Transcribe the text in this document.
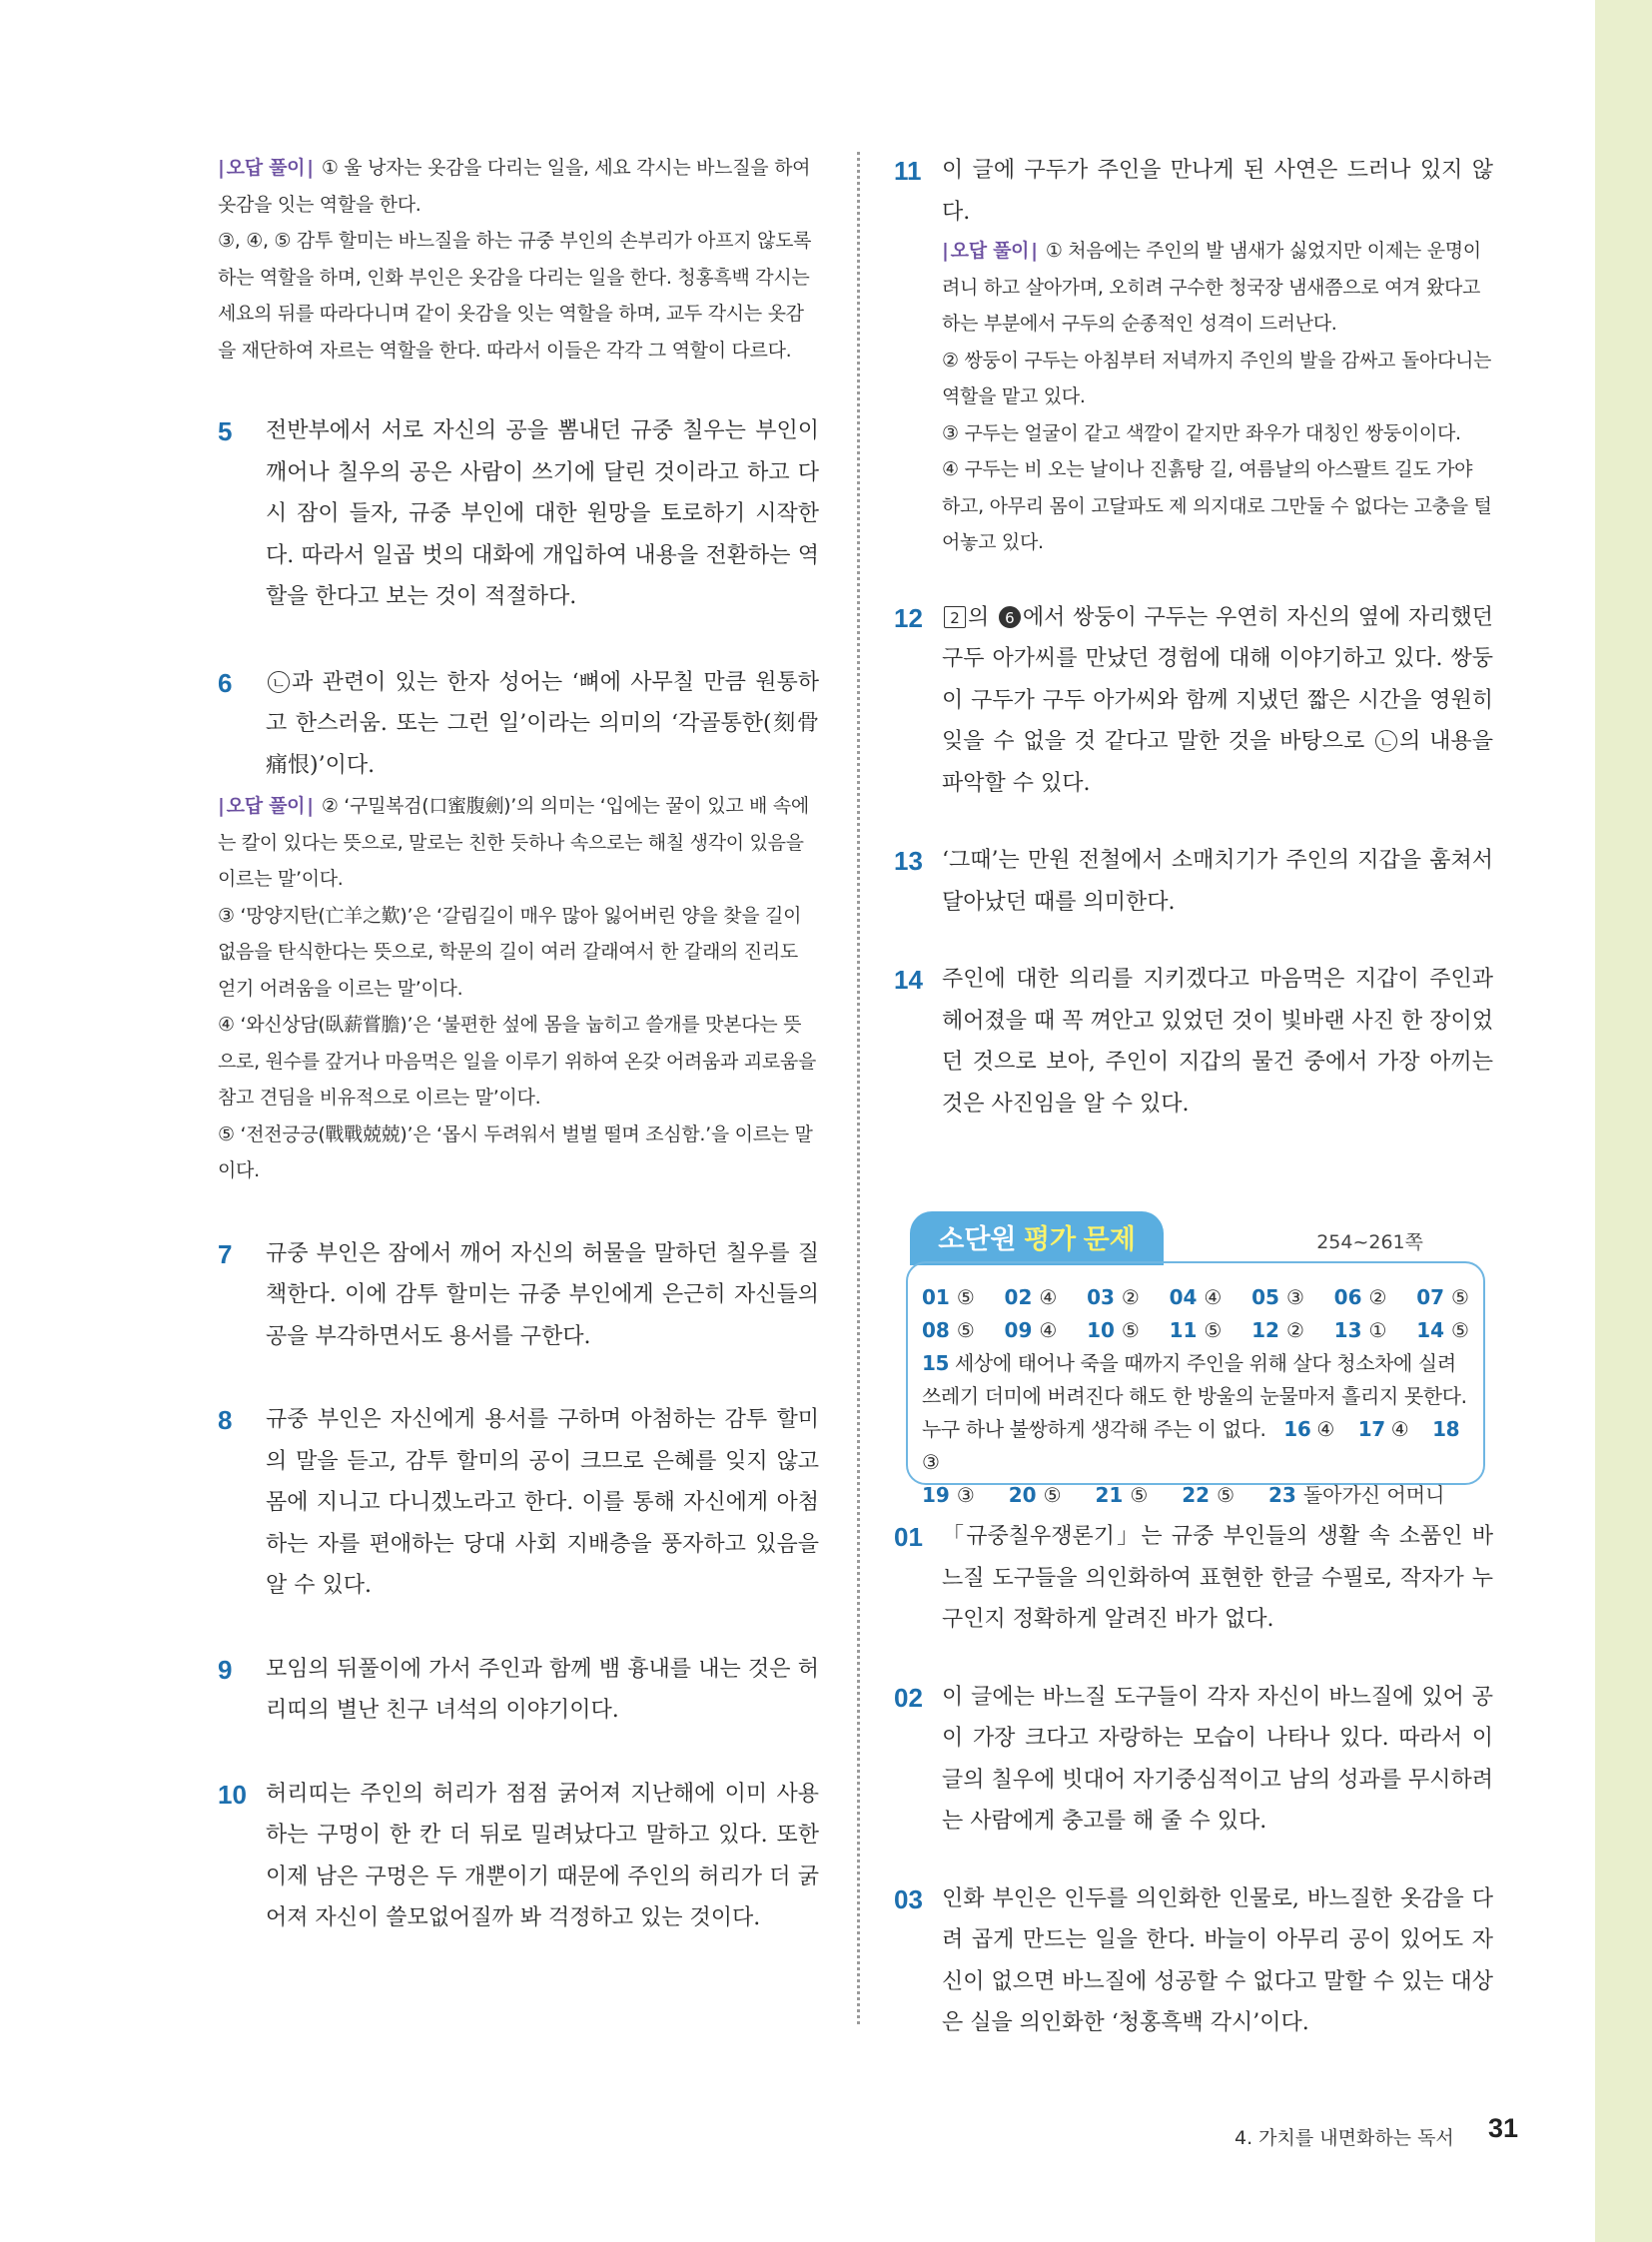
| 오답 풀이 | ① 울 낭자는 옷감을 다리는 일을, 세요 각시는 바느질을 하여 옷감을 잇는 역할을 한다.
③, ④, ⑤ 감투 할미는 바느질을 하는 규중 부인의 손부리가 아프지 않도록 하는 역할을 하며, 인화 부인은 옷감을 다리는 일을 한다. 청홍흑백 각시는 세요의 뒤를 따라다니며 같이 옷감을 잇는 역할을 하며, 교두 각시는 옷감을 재단하여 자르는 역할을 한다. 따라서 이들은 각각 그 역할이 다르다.
5 전반부에서 서로 자신의 공을 뽐내던 규중 칠우는 부인이 깨어나 칠우의 공은 사람이 쓰기에 달린 것이라고 하고 다시 잠이 들자, 규중 부인에 대한 원망을 토로하기 시작한다. 따라서 일곱 벗의 대화에 개입하여 내용을 전환하는 역할을 한다고 보는 것이 적절하다.
6	ㄴ 과 관련이 있는 한자 성어는 ‘뼈에 사무칠 만큼 원통하고 한스러움. 또는 그런 일’이라는 의미의 ‘각골통한(刻骨痛恨)’이다.
| 오답 풀이 | ② ‘구밀복검(口蜜腹劍)’의 의미는 ‘입에는 꿀이 있고 배 속에는 칼이 있다는 뜻으로, 말로는 친한 듯하나 속으로는 해칠 생각이 있음을 이르는 말’이다.
③ ‘망양지탄(亡羊之歎)’은 ‘갈림길이 매우 많아 잃어버린 양을 찾을 길이 없음을 탄식한다는 뜻으로, 학문의 길이 여러 갈래여서 한 갈래의 진리도 얻기 어려움을 이르는 말’이다.
④ ‘와신상담(臥薪嘗膽)’은 ‘불편한 섶에 몸을 눕히고 쓸개를 맛본다는 뜻으로, 원수를 갚거나 마음먹은 일을 이루기 위하여 온갖 어려움과 괴로움을 참고 견딤을 비유적으로 이르는 말’이다.
⑤ ‘전전긍긍(戰戰兢兢)’은 ‘몹시 두려워서 벌벌 떨며 조심함.’을 이르는 말이다.
7 규중 부인은 잠에서 깨어 자신의 허물을 말하던 칠우를 질책한다. 이에 감투 할미는 규중 부인에게 은근히 자신들의 공을 부각하면서도 용서를 구한다.
8 규중 부인은 자신에게 용서를 구하며 아첨하는 감투 할미의 말을 듣고, 감투 할미의 공이 크므로 은혜를 잊지 않고 몸에 지니고 다니겠노라고 한다. 이를 통해 자신에게 아첨하는 자를 편애하는 당대 사회 지배층을 풍자하고 있음을 알 수 있다.
9 모임의 뒤풀이에 가서 주인과 함께 뱀 흉내를 내는 것은 허리띠의 별난 친구 녀석의 이야기이다.
10 허리띠는 주인의 허리가 점점 굵어져 지난해에 이미 사용하는 구멍이 한 칸 더 뒤로 밀려났다고 말하고 있다. 또한 이제 남은 구멍은 두 개뿐이기 때문에 주인의 허리가 더 굵어져 자신이 쓸모없어질까 봐 걱정하고 있는 것이다.
11 이 글에 구두가 주인을 만나게 된 사연은 드러나 있지 않다.
| 오답 풀이 | ① 처음에는 주인의 발 냄새가 싫었지만 이제는 운명이려니 하고 살아가며, 오히려 구수한 청국장 냄새쯤으로 여겨 왔다고 하는 부분에서 구두의 순종적인 성격이 드러난다.
② 쌍둥이 구두는 아침부터 저녁까지 주인의 발을 감싸고 돌아다니는 역할을 맡고 있다.
③ 구두는 얼굴이 같고 색깔이 같지만 좌우가 대칭인 쌍둥이이다.
④ 구두는 비 오는 날이나 진흙탕 길, 여름날의 아스팔트 길도 가야 하고, 아무리 몸이 고달파도 제 의지대로 그만둘 수 없다는 고충을 털어놓고 있다.
12	2 의 6 에서 쌍둥이 구두는 우연히 자신의 옆에 자리했던 구두 아가씨를 만났던 경험에 대해 이야기하고 있다. 쌍둥이 구두가 구두 아가씨와 함께 지냈던 짧은 시간을 영원히 잊을 수 없을 것 같다고 말한 것을 바탕으로 ㄴ 의 내용을 파악할 수 있다.
13 ‘그때’는 만원 전철에서 소매치기가 주인의 지갑을 훔쳐서 달아났던 때를 의미한다.
14 주인에 대한 의리를 지키겠다고 마음먹은 지갑이 주인과 헤어졌을 때 꼭 껴안고 있었던 것이 빛바랜 사진 한 장이었던 것으로 보아, 주인이 지갑의 물건 중에서 가장 아끼는 것은 사진임을 알 수 있다.
소단원 평가 문제	254~261쪽
01 ⑤ 02 ④ 03 ② 04 ④ 05 ③ 06 ② 07 ⑤
08 ⑤ 09 ④ 10 ⑤ 11 ⑤ 12 ② 13 ① 14 ⑤
15 세상에 태어나 죽을 때까지 주인을 위해 살다 청소차에 실려 쓰레기 더미에 버려진다 해도 한 방울의 눈물마저 흘리지 못한다. 누구 하나 불쌍하게 생각해 주는 이 없다. 16 ④ 17 ④ 18 ③
19 ③ 20 ⑤ 21 ⑤ 22 ⑤ 23 돌아가신 어머니
01 「규중칠우쟁론기」는 규중 부인들의 생활 속 소품인 바느질 도구들을 의인화하여 표현한 한글 수필로, 작자가 누구인지 정확하게 알려진 바가 없다.
02 이 글에는 바느질 도구들이 각자 자신이 바느질에 있어 공이 가장 크다고 자랑하는 모습이 나타나 있다. 따라서 이 글의 칠우에 빗대어 자기중심적이고 남의 성과를 무시하려는 사람에게 충고를 해 줄 수 있다.
03 인화 부인은 인두를 의인화한 인물로, 바느질한 옷감을 다려 곱게 만드는 일을 한다. 바늘이 아무리 공이 있어도 자신이 없으면 바느질에 성공할 수 없다고 말할 수 있는 대상은 실을 의인화한 ‘청홍흑백 각시’이다.
4. 가치를 내면화하는 독서 31
